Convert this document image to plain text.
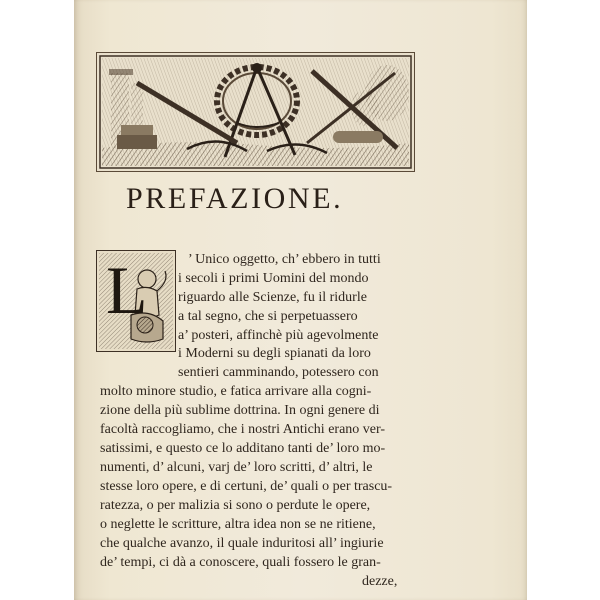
PREFAZIONE.
L	’ Unico oggetto, ch’ ebbero in tutti
i secoli i primi Uomini del mondo
riguardo alle Scienze, fu il ridurle
a tal segno, che si perpetuassero
a’ posteri, affinchè più agevolmente
i Moderni su degli spianati da loro
sentieri camminando, potessero con
molto minore studio, e fatica arrivare alla cogni-
zione della più sublime dottrina. In ogni genere di
facoltà raccogliamo, che i nostri Antichi erano ver-
satissimi, e questo ce lo additano tanti de’ loro mo-
numenti, d’ alcuni, varj de’ loro scritti, d’ altri, le
stesse loro opere, e di certuni, de’ quali o per trascu-
ratezza, o per malizia si sono o perdute le opere,
o neglette le scritture, altra idea non se ne ritiene,
che qualche avanzo, il quale induritosi all’ ingiurie
de’ tempi, ci dà a conoscere, quali fossero le gran-
dezze,
